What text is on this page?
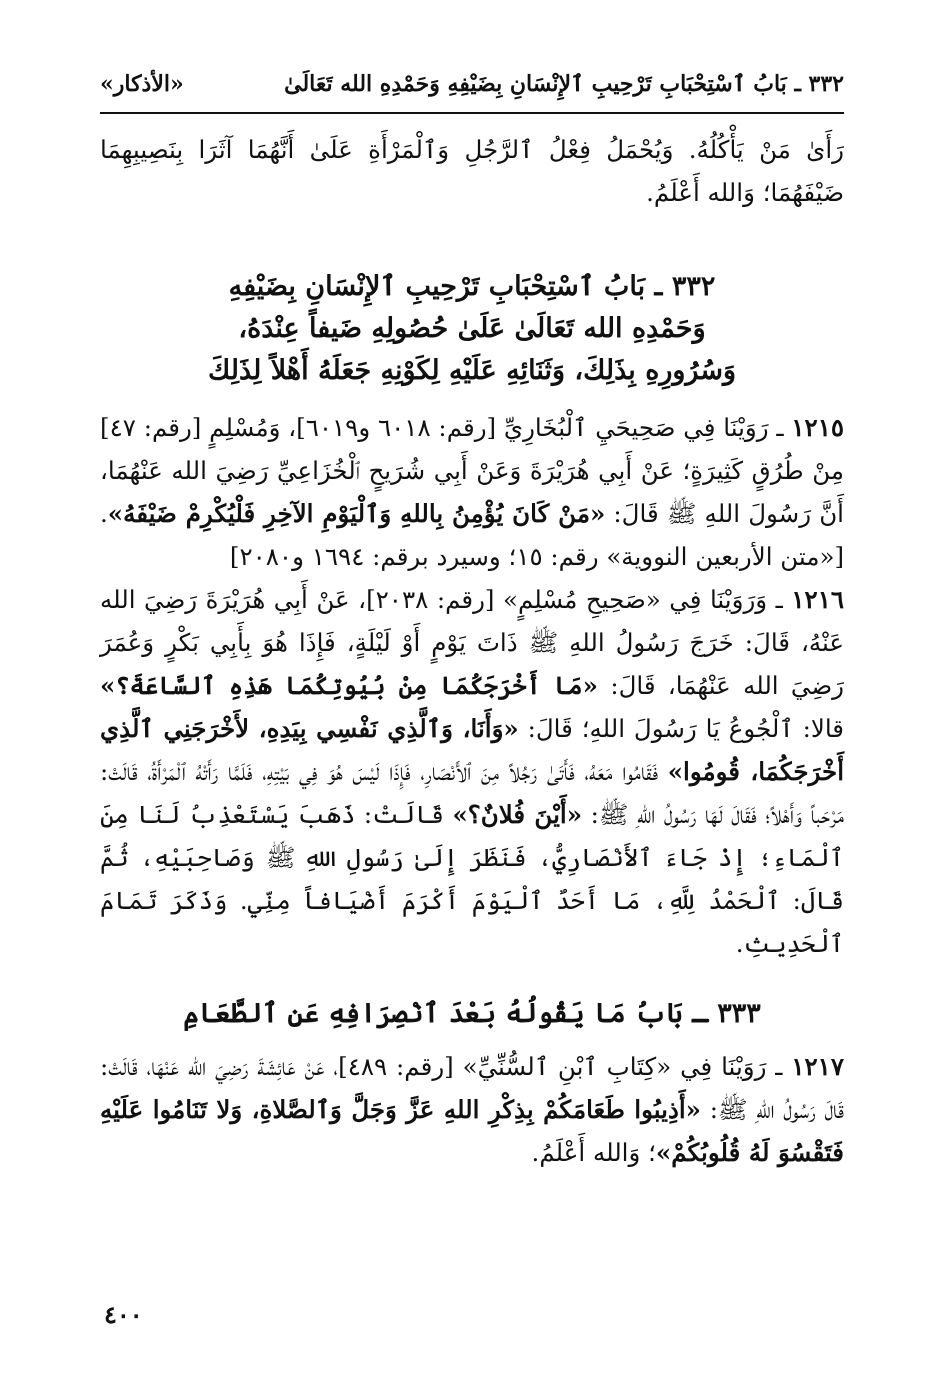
٣٣٢ ـ بَابُ ٱسْتِحْبَابِ تَرْحِيبِ ٱلإِنْسَانِ بِضَيْفِهِ وَحَمْدِهِ الله تَعَالَىٰ
«الأذكار»

رَأَىٰ مَنْ يَأْكُلُهُ. وَيُحْمَلُ فِعْلُ ٱلرَّجُلِ وَٱلْمَرْأَةِ عَلَىٰ أَنَّهُمَا آثَرَا بِنَصِيبِهِمَا ضَيْفَهُمَا؛ وَالله أَعْلَمُ.

٣٣٢ ـ بَابُ ٱسْتِحْبَابِ تَرْحِيبِ ٱلإِنْسَانِ بِضَيْفِهِ
وَحَمْدِهِ الله تَعَالَىٰ عَلَىٰ حُصُولِهِ ضَيفاً عِنْدَهُ،
وَسُرُورِهِ بِذَلِكَ، وَثَنَائِهِ عَلَيْهِ لِكَوْنِهِ جَعَلَهُ أَهْلاً لِذَلِكَ

١٢١٥ ـ رَوَيْنَا فِي صَحِيحَيِ ٱلْبُخَارِيِّ [رقم: ٦٠١٨ و٦٠١٩]، وَمُسْلِمٍ [رقم: ٤٧] مِنْ طُرُقٍ كَثِيرَةٍ؛ عَنْ أَبِي هُرَيْرَةَ وَعَنْ أَبِي شُرَيحٍ ٱلْخُزَاعِيِّ رَضِيَ الله عَنْهُمَا، أَنَّ رَسُولَ اللهِ ﷺ قَالَ: «مَنْ كَانَ يُؤْمِنُ بِاللهِ وَٱلْيَوْمِ الآخِرِ فَلْيُكْرِمْ ضَيْفَهُ». [«متن الأربعين النووية» رقم: ١٥؛ وسيرد برقم: ١٦٩٤ و٢٠٨٠]

١٢١٦ ـ وَرَوَيْنَا فِي «صَحِيحِ مُسْلِمٍ» [رقم: ٢٠٣٨]، عَنْ أَبِي هُرَيْرَةَ رَضِيَ الله عَنْهُ، قَالَ: خَرَجَ رَسُولُ اللهِ ﷺ ذَاتَ يَوْمٍ أَوْ لَيْلَةٍ، فَإِذَا هُوَ بِأَبِي بَكْرٍ وَعُمَرَ رَضِيَ الله عَنْهُمَا، قَالَ: «مَا أَخْرَجَكُمَا مِنْ بُيُوتِكُمَا هَذِهِ ٱلسَّاعَةَ؟» قالا: ٱلْجُوعُ يَا رَسُولَ اللهِ؛ قَالَ: «وَأَنَا، وَٱلَّذِي نَفْسِي بِيَدِهِ، لأَخْرَجَنِي ٱلَّذِي أَخْرَجَكُمَا، قُومُوا» فَقَامُوا مَعَهُ، فَأَتَىٰ رَجُلاً مِنَ ٱلأَنْصَارِ، فَإِذَا لَيْسَ هُوَ فِي بَيْتِهِ، فَلَمَّا رَأَتْهُ ٱلْمَرْأَةُ، قَالَتْ: مَرْحَباً وَأَهْلاً؛ فَقَالَ لَهَا رَسُولُ اللهِ ﷺ: «أَيْنَ فُلانٌ؟» قَالَتْ: ذَهَبَ يَسْتَعْذِبُ لَنَا مِنَ ٱلْمَاءِ؛ إِذْ جَاءَ ٱلأَنْصَارِيُّ، فَنَظَرَ إِلَىٰ رَسُولِ اللهِ ﷺ وَصَاحِبَيْهِ، ثُمَّ قَالَ: ٱلْحَمْدُ لِلَّهِ، مَا أَحَدٌ ٱلْيَوْمَ أَكْرَمَ أَضْيَافاً مِنِّي. وَذَكَرَ تَمَامَ ٱلْحَدِيثِ.

٣٣٣ ـ بَابُ مَا يَقُولُهُ بَعْدَ ٱنْصِرَافِهِ عَنِ ٱلطَّعَامِ

١٢١٧ ـ رَوَيْنَا فِي «كِتَابِ ٱبْنِ ٱلسُّنِّيِّ» [رقم: ٤٨٩]، عَنْ عَائِشَةَ رَضِيَ الله عَنْهَا، قَالَتْ: قَالَ رَسُولُ اللهِ ﷺ: «أَذِيبُوا طَعَامَكُمْ بِذِكْرِ اللهِ عَزَّ وَجَلَّ وَٱلصَّلاةِ، وَلا تَنَامُوا عَلَيْهِ فَتَقْسُوَ لَهُ قُلُوبُكُمْ»؛ وَالله أَعْلَمُ.

٤٠٠
